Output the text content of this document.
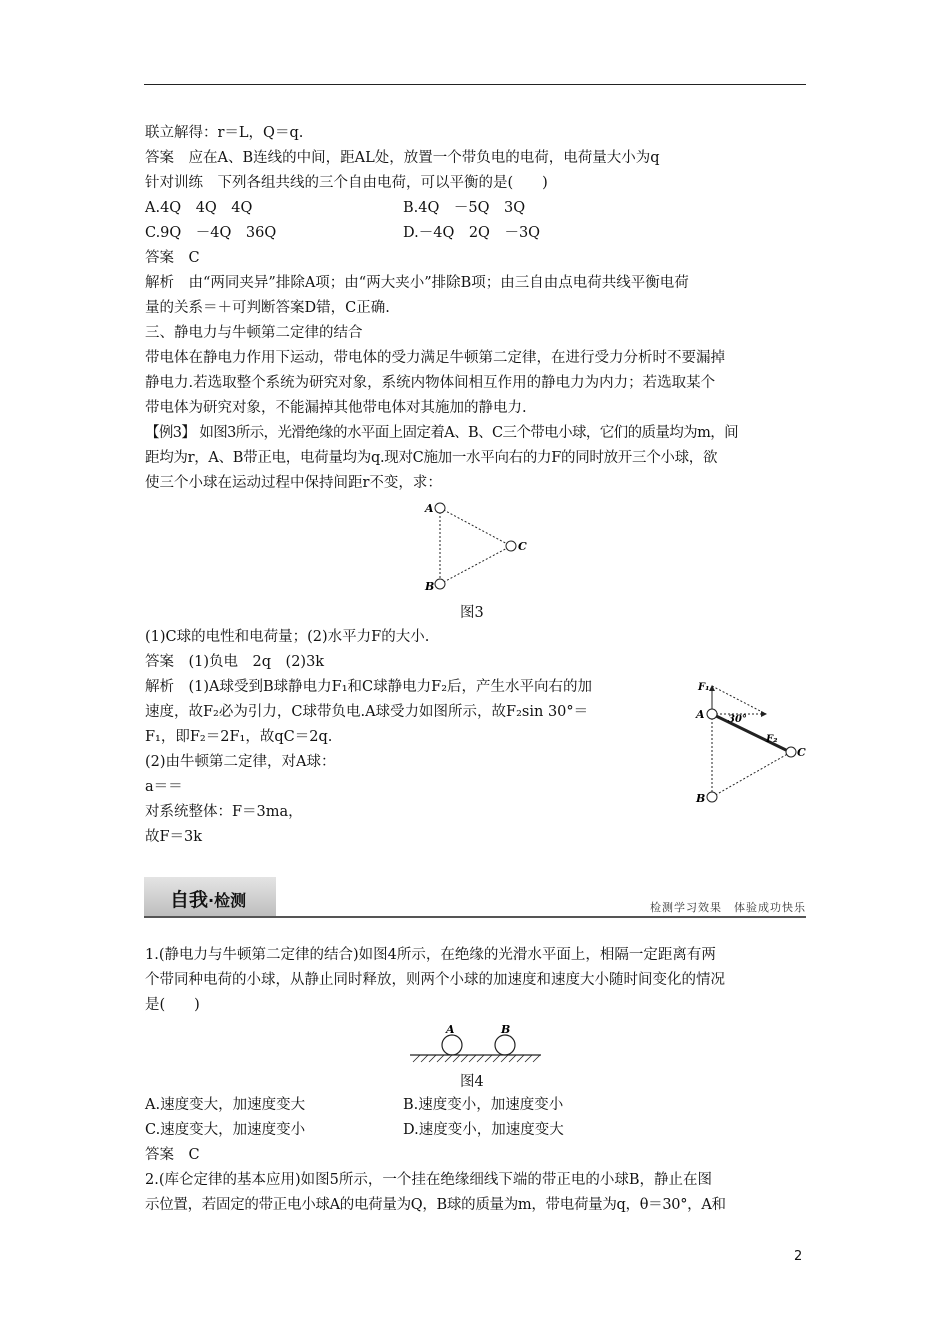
联立解得：r＝L，Q＝q.
答案　应在A、B连线的中间，距AL处，放置一个带负电的电荷，电荷量大小为q
针对训练　下列各组共线的三个自由电荷，可以平衡的是(　　)
A.4Q　4Q　4Q	B.4Q　－5Q　3Q
C.9Q　－4Q　36Q	D.－4Q　2Q　－3Q
答案　C
解析　由“两同夹异”排除A项；由“两大夹小”排除B项；由三自由点电荷共线平衡电荷
量的关系＝＋可判断答案D错，C正确.
三、静电力与牛顿第二定律的结合
带电体在静电力作用下运动，带电体的受力满足牛顿第二定律，在进行受力分析时不要漏掉
静电力.若选取整个系统为研究对象，系统内物体间相互作用的静电力为内力；若选取某个
带电体为研究对象，不能漏掉其他带电体对其施加的静电力.
【例3】 如图3所示，光滑绝缘的水平面上固定着A、B、C三个带电小球，它们的质量均为m，间
距均为r，A、B带正电，电荷量均为q.现对C施加一水平向右的力F的同时放开三个小球，欲
使三个小球在运动过程中保持间距r不变，求：
A
B
C
图3
(1)C球的电性和电荷量；(2)水平力F的大小.
答案　(1)负电　2q　(2)3k
解析　(1)A球受到B球静电力F₁和C球静电力F₂后，产生水平向右的加
速度，故F₂必为引力，C球带负电.A球受力如图所示，故F₂sin 30°＝
F₁，即F₂＝2F₁，故qC＝2q.
(2)由牛顿第二定律，对A球：
a＝＝
对系统整体：F＝3ma，
故F＝3k
F₁
A 30°
F₂
C
B
自我·检测	检测学习效果　体验成功快乐
1.(静电力与牛顿第二定律的结合)如图4所示，在绝缘的光滑水平面上，相隔一定距离有两
个带同种电荷的小球，从静止同时释放，则两个小球的加速度和速度大小随时间变化的情况
是(　　)
A	B
图4
A.速度变大，加速度变大	B.速度变小，加速度变小
C.速度变大，加速度变小	D.速度变小，加速度变大
答案　C
2.(库仑定律的基本应用)如图5所示，一个挂在绝缘细线下端的带正电的小球B，静止在图
示位置，若固定的带正电小球A的电荷量为Q，B球的质量为m，带电荷量为q，θ＝30°，A和
2
